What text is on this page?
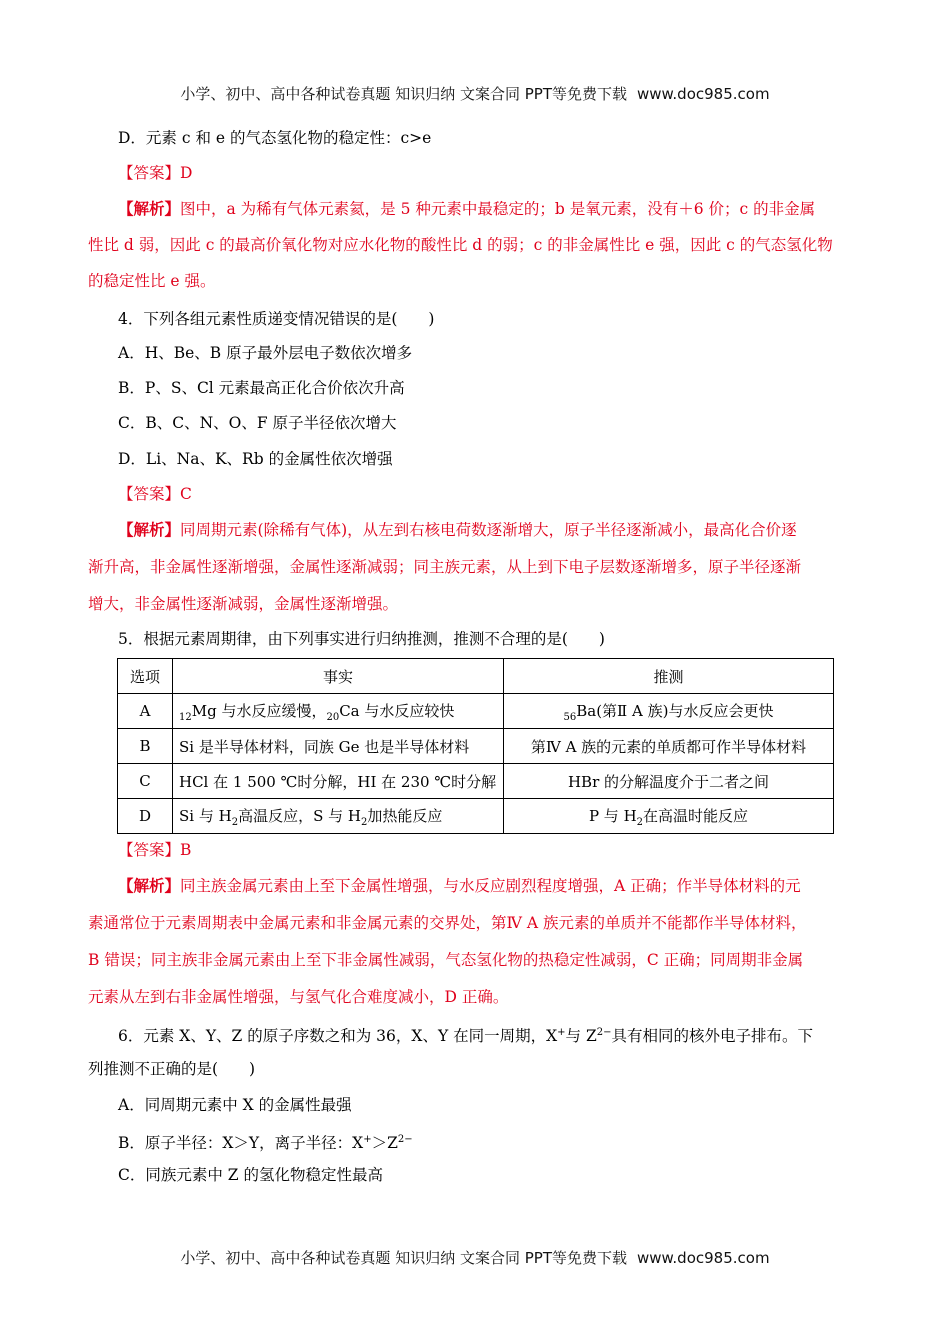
小学、初中、高中各种试卷真题 知识归纳 文案合同 PPT等免费下载 www.doc985.com
D．元素 c 和 e 的气态氢化物的稳定性：c>e
【答案】D
【解析】图中，a 为稀有气体元素氦，是 5 种元素中最稳定的；b 是氧元素，没有＋6 价；c 的非金属
性比 d 弱，因此 c 的最高价氧化物对应水化物的酸性比 d 的弱；c 的非金属性比 e 强，因此 c 的气态氢化物
的稳定性比 e 强。
4．下列各组元素性质递变情况错误的是(　　)
A．H、Be、B 原子最外层电子数依次增多
B．P、S、Cl 元素最高正化合价依次升高
C．B、C、N、O、F 原子半径依次增大
D．Li、Na、K、Rb 的金属性依次增强
【答案】C
【解析】同周期元素(除稀有气体)，从左到右核电荷数逐渐增大，原子半径逐渐减小，最高化合价逐
渐升高，非金属性逐渐增强，金属性逐渐减弱；同主族元素，从上到下电子层数逐渐增多，原子半径逐渐
增大，非金属性逐渐减弱，金属性逐渐增强。
5．根据元素周期律，由下列事实进行归纳推测，推测不合理的是(　　)
选项	事实	推测
A	$_{12}$Mg 与水反应缓慢，$_{20}$Ca 与水反应较快	$_{56}$Ba(第Ⅱ A 族)与水反应会更快
B	Si 是半导体材料，同族 Ge 也是半导体材料	第Ⅳ A 族的元素的单质都可作半导体材料
C	HCl 在 1 500 ℃时分解，HI 在 230 ℃时分解	HBr 的分解温度介于二者之间
D	Si 与 $H_2$高温反应，S 与 $H_2$加热能反应	P 与 $H_2$在高温时能反应
【答案】B
【解析】同主族金属元素由上至下金属性增强，与水反应剧烈程度增强，A 正确；作半导体材料的元
素通常位于元素周期表中金属元素和非金属元素的交界处，第Ⅳ A 族元素的单质并不能都作半导体材料，
B 错误；同主族非金属元素由上至下非金属性减弱，气态氢化物的热稳定性减弱，C 正确；同周期非金属
元素从左到右非金属性增强，与氢气化合难度减小，D 正确。
6．元素 X、Y、Z 的原子序数之和为 36，X、Y 在同一周期，X+与 $Z^{2-}$具有相同的核外电子排布。下
列推测不正确的是(　　)
A．同周期元素中 X 的金属性最强
B．原子半径：X＞Y，离子半径：$X^+>Z^{2-}$
C．同族元素中 Z 的氢化物稳定性最高
小学、初中、高中各种试卷真题 知识归纳 文案合同 PPT等免费下载 www.doc985.com
